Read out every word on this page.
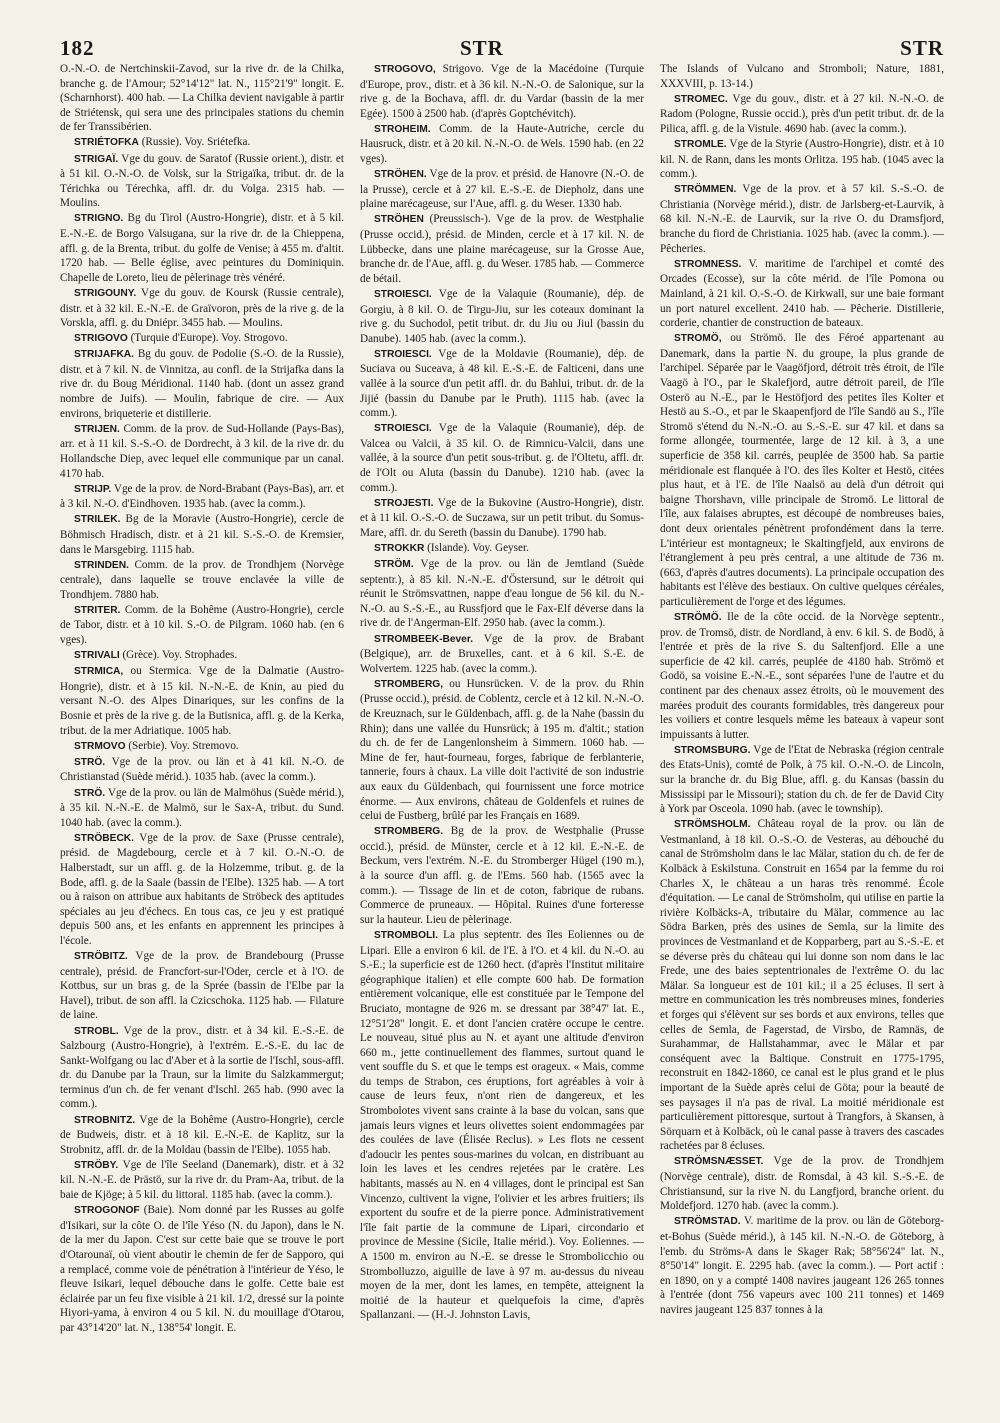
182	STR	STR

O.-N.-O. de Nertchinskii-Zavod, sur la rive dr. de la Chilka, branche g. de l'Amour; 52°14'12" lat. N., 115°21'9" longit. E. (Scharnhorst). 400 hab. — La Chilka devient navigable à partir de Striétensk, qui sera une des principales stations du chemin de fer Transsibérien.

STRIÉTOFKA (Russie). Voy. Sriétefka.

STRIGAÏ. Vge du gouv. de Saratof (Russie orient.), distr. et à 51 kil. O.-N.-O. de Volsk, sur la Strigaïka, tribut. dr. de la Térichka ou Térechka, affl. dr. du Volga. 2315 hab. — Moulins.

STRIGNO. Bg du Tirol (Austro-Hongrie), distr. et à 5 kil. E.-N.-E. de Borgo Valsugana, sur la rive dr. de la Chieppena, affl. g. de la Brenta, tribut. du golfe de Venise; à 455 m. d'altit. 1720 hab. — Belle église, avec peintures du Dominiquin. Chapelle de Loreto, lieu de pèlerinage très vénéré.

STRIGOUNY. Vge du gouv. de Koursk (Russie centrale), distr. et à 32 kil. E.-N.-E. de Graïvoron, près de la rive g. de la Vorskla, affl. g. du Dniépr. 3455 hab. — Moulins.

STRIGOVO (Turquie d'Europe). Voy. Strogovo.

STRIJAFKA. Bg du gouv. de Podolie (S.-O. de la Russie), distr. et à 7 kil. N. de Vinnitza, au confl. de la Strijafka dans la rive dr. du Boug Méridional. 1140 hab. (dont un assez grand nombre de Juifs). — Moulin, fabrique de cire. — Aux environs, briqueterie et distillerie.

STRIJEN. Comm. de la prov. de Sud-Hollande (Pays-Bas), arr. et à 11 kil. S.-S.-O. de Dordrecht, à 3 kil. de la rive dr. du Hollandsche Diep, avec lequel elle communique par un canal. 4170 hab.

STRIJP. Vge de la prov. de Nord-Brabant (Pays-Bas), arr. et à 3 kil. N.-O. d'Eindhoven. 1935 hab. (avec la comm.).

STRILEK. Bg de la Moravie (Austro-Hongrie), cercle de Böhmisch Hradisch, distr. et à 21 kil. S.-S.-O. de Kremsier, dans le Marsgebirg. 1115 hab.

STRINDEN. Comm. de la prov. de Trondhjem (Norvège centrale), dans laquelle se trouve enclavée la ville de Trondhjem. 7880 hab.

STRITER. Comm. de la Bohême (Austro-Hongrie), cercle de Tabor, distr. et à 10 kil. S.-O. de Pilgram. 1060 hab. (en 6 vges).

STRIVALI (Grèce). Voy. Strophades.

STRMICA, ou Stermica. Vge de la Dalmatie (Austro-Hongrie), distr. et à 15 kil. N.-N.-E. de Knin, au pied du versant N.-O. des Alpes Dinariques, sur les confins de la Bosnie et près de la rive g. de la Butisnica, affl. g. de la Kerka, tribut. de la mer Adriatique. 1005 hab.

STRMOVO (Serbie). Voy. Stremovo.

STRÖ. Vge de la prov. ou län et à 41 kil. N.-O. de Christianstad (Suède mérid.). 1035 hab. (avec la comm.).

STRÖ. Vge de la prov. ou län de Malmöhus (Suède mérid.), à 35 kil. N.-N.-E. de Malmö, sur le Sax-A, tribut. du Sund. 1040 hab. (avec la comm.).

STRÖBECK. Vge de la prov. de Saxe (Prusse centrale), présid. de Magdebourg, cercle et à 7 kil. O.-N.-O. de Halberstadt, sur un affl. g. de la Holzemme, tribut. g. de la Bode, affl. g. de la Saale (bassin de l'Elbe). 1325 hab. — A tort ou à raison on attribue aux habitants de Ströbeck des aptitudes spéciales au jeu d'échecs. En tous cas, ce jeu y est pratiqué depuis 500 ans, et les enfants en apprennent les principes à l'école.

STRÖBITZ. Vge de la prov. de Brandebourg (Prusse centrale), présid. de Francfort-sur-l'Oder, cercle et à l'O. de Kottbus, sur un bras g. de la Sprée (bassin de l'Elbe par la Havel), tribut. de son affl. la Czicschoka. 1125 hab. — Filature de laine.

STROBL. Vge de la prov., distr. et à 34 kil. E.-S.-E. de Salzbourg (Austro-Hongrie), à l'extrém. E.-S.-E. du lac de Sankt-Wolfgang ou lac d'Aber et à la sortie de l'Ischl, sous-affl. dr. du Danube par la Traun, sur la limite du Salzkammergut; terminus d'un ch. de fer venant d'Ischl. 265 hab. (990 avec la comm.).

STROBNITZ. Vge de la Bohême (Austro-Hongrie), cercle de Budweis, distr. et à 18 kil. E.-N.-E. de Kaplitz, sur la Strobnitz, affl. dr. de la Moldau (bassin de l'Elbe). 1055 hab.

STRÖBY. Vge de l'île Seeland (Danemark), distr. et à 32 kil. N.-N.-E. de Prästö, sur la rive dr. du Pram-Aa, tribut. de la baie de Kjöge; à 5 kil. du littoral. 1185 hab. (avec la comm.).

STROGONOF (Baie). Nom donné par les Russes au golfe d'Isikari, sur la côte O. de l'île Yéso (N. du Japon), dans le N. de la mer du Japon. C'est sur cette baie que se trouve le port d'Otarounaï, où vient aboutir le chemin de fer de Sapporo, qui a remplacé, comme voie de pénétration à l'intérieur de Yéso, le fleuve Isikari, lequel débouche dans le golfe. Cette baie est éclairée par un feu fixe visible à 21 kil. 1/2, dressé sur la pointe Hiyori-yama, à environ 4 ou 5 kil. N. du mouillage d'Otarou, par 43°14'20" lat. N., 138°54' longit. E.

STROGOVO, Strigovo. Vge de la Macédoine (Turquie d'Europe, prov., distr. et à 36 kil. N.-N.-O. de Salonique, sur la rive g. de la Bochava, affl. dr. du Vardar (bassin de la mer Egée). 1500 à 2500 hab. (d'après Goptchévitch).

STROHEIM. Comm. de la Haute-Autriche, cercle du Hausruck, distr. et à 20 kil. N.-N.-O. de Wels. 1590 hab. (en 22 vges).

STRÖHEN. Vge de la prov. et présid. de Hanovre (N.-O. de la Prusse), cercle et à 27 kil. E.-S.-E. de Diepholz, dans une plaine marécageuse, sur l'Aue, affl. g. du Weser. 1330 hab.

STRÖHEN (Preussisch-). Vge de la prov. de Westphalie (Prusse occid.), présid. de Minden, cercle et à 17 kil. N. de Lübbecke, dans une plaine marécageuse, sur la Grosse Aue, branche dr. de l'Aue, affl. g. du Weser. 1785 hab. — Commerce de bétail.

STROIESCI. Vge de la Valaquie (Roumanie), dép. de Gorgiu, à 8 kil. O. de Tirgu-Jiu, sur les coteaux dominant la rive g. du Suchodol, petit tribut. dr. du Jiu ou Jiul (bassin du Danube). 1405 hab. (avec la comm.).

STROIESCI. Vge de la Moldavie (Roumanie), dép. de Suciava ou Suceava, à 48 kil. E.-S.-E. de Falticeni, dans une vallée à la source d'un petit affl. dr. du Bahlui, tribut. dr. de la Jijié (bassin du Danube par le Pruth). 1115 hab. (avec la comm.).

STROIESCI. Vge de la Valaquie (Roumanie), dép. de Valcea ou Valcii, à 35 kil. O. de Rimnicu-Valcii, dans une vallée, à la source d'un petit sous-tribut. g. de l'Oltetu, affl. dr. de l'Olt ou Aluta (bassin du Danube). 1210 hab. (avec la comm.).

STROJESTI. Vge de la Bukovine (Austro-Hongrie), distr. et à 11 kil. O.-S.-O. de Suczawa, sur un petit tribut. du Somus-Mare, affl. dr. du Sereth (bassin du Danube). 1790 hab.

STROKKR (Islande). Voy. Geyser.

STRÖM. Vge de la prov. ou län de Jemtland (Suède septentr.), à 85 kil. N.-N.-E. d'Östersund, sur le détroit qui réunit le Strömsvattnen, nappe d'eau longue de 56 kil. du N.-N.-O. au S.-S.-E., au Russfjord que le Fax-Elf déverse dans la rive dr. de l'Angerman-Elf. 2950 hab. (avec la comm.).

STROMBEEK-Bever. Vge de la prov. de Brabant (Belgique), arr. de Bruxelles, cant. et à 6 kil. S.-E. de Wolvertem. 1225 hab. (avec la comm.).

STROMBERG, ou Hunsrücken. V. de la prov. du Rhin (Prusse occid.), présid. de Coblentz, cercle et à 12 kil. N.-N.-O. de Kreuznach, sur le Güldenbach, affl. g. de la Nahe (bassin du Rhin); dans une vallée du Hunsrück; à 195 m. d'altit.; station du ch. de fer de Langenlonsheim à Simmern. 1060 hab. — Mine de fer, haut-fourneau, forges, fabrique de ferblanterie, tannerie, fours à chaux. La ville doit l'activité de son industrie aux eaux du Güldenbach, qui fournissent une force motrice énorme. — Aux environs, château de Goldenfels et ruines de celui de Fustberg, brûlé par les Français en 1689.

STROMBERG. Bg de la prov. de Westphalie (Prusse occid.), présid. de Münster, cercle et à 12 kil. E.-N.-E. de Beckum, vers l'extrém. N.-E. du Stromberger Hügel (190 m.), à la source d'un affl. g. de l'Ems. 560 hab. (1565 avec la comm.). — Tissage de lin et de coton, fabrique de rubans. Commerce de pruneaux. — Hôpital. Ruines d'une forteresse sur la hauteur. Lieu de pèlerinage.

STROMBOLI. La plus septentr. des îles Eoliennes ou de Lipari. Elle a environ 6 kil. de l'E. à l'O. et 4 kil. du N.-O. au S.-E.; la superficie est de 1260 hect. (d'après l'Institut militaire géographique italien) et elle compte 600 hab. De formation entièrement volcanique, elle est constituée par le Tempone del Bruciato, montagne de 926 m. se dressant par 38°47' lat. E., 12°51'28" longit. E. et dont l'ancien cratère occupe le centre. Le nouveau, situé plus au N. et ayant une altitude d'environ 660 m., jette continuellement des flammes, surtout quand le vent souffle du S. et que le temps est orageux. « Mais, comme du temps de Strabon, ces éruptions, fort agréables à voir à cause de leurs feux, n'ont rien de dangereux, et les Strombolotes vivent sans crainte à la base du volcan, sans que jamais leurs vignes et leurs olivettes soient endommagées par des coulées de lave (Élisée Reclus). » Les flots ne cessent d'adoucir les pentes sous-marines du volcan, en distribuant au loin les laves et les cendres rejetées par le cratère. Les habitants, massés au N. en 4 villages, dont le principal est San Vincenzo, cultivent la vigne, l'olivier et les arbres fruitiers; ils exportent du soufre et de la pierre ponce. Administrativement l'île fait partie de la commune de Lipari, circondario et province de Messine (Sicile, Italie mérid.). Voy. Eoliennes. — A 1500 m. environ au N.-E. se dresse le Strombolicchio ou Strombolluzzo, aiguille de lave à 97 m. au-dessus du niveau moyen de la mer, dont les lames, en tempête, atteignent la moitié de la hauteur et quelquefois la cime, d'après Spallanzani. — (H.-J. Johnston Lavis,

The Islands of Vulcano and Stromboli; Nature, 1881, XXXVIII, p. 13-14.)

STROMEC. Vge du gouv., distr. et à 27 kil. N.-N.-O. de Radom (Pologne, Russie occid.), près d'un petit tribut. dr. de la Pilica, affl. g. de la Vistule. 4690 hab. (avec la comm.).

STROMLE. Vge de la Styrie (Austro-Hongrie), distr. et à 10 kil. N. de Rann, dans les monts Orlitza. 195 hab. (1045 avec la comm.).

STRÖMMEN. Vge de la prov. et à 57 kil. S.-S.-O. de Christiania (Norvège mérid.), distr. de Jarlsberg-et-Laurvik, à 68 kil. N.-N.-E. de Laurvik, sur la rive O. du Dramsfjord, branche du fiord de Christiania. 1025 hab. (avec la comm.). — Pêcheries.

STROMNESS. V. maritime de l'archipel et comté des Orcades (Ecosse), sur la côte mérid. de l'île Pomona ou Mainland, à 21 kil. O.-S.-O. de Kirkwall, sur une baie formant un port naturel excellent. 2410 hab. — Pêcherie. Distillerie, corderie, chantier de construction de bateaux.

STROMÖ, ou Strömö. Ile des Féroé appartenant au Danemark, dans la partie N. du groupe, la plus grande de l'archipel. Séparée par le Vaagöfjord, détroit très étroit, de l'île Vaagö à l'O., par le Skalefjord, autre détroit pareil, de l'île Osterö au N.-E., par le Hestöfjord des petites îles Kolter et Hestö au S.-O., et par le Skaapenfjord de l'île Sandö au S., l'île Stromö s'étend du N.-N.-O. au S.-S.-E. sur 47 kil. et dans sa forme allongée, tourmentée, large de 12 kil. à 3, a une superficie de 358 kil. carrés, peuplée de 3500 hab. Sa partie méridionale est flanquée à l'O. des îles Kolter et Hestö, citées plus haut, et à l'E. de l'île Naalsö au delà d'un détroit qui baigne Thorshavn, ville principale de Stromö. Le littoral de l'île, aux falaises abruptes, est découpé de nombreuses baies, dont deux orientales pénètrent profondément dans la terre. L'intérieur est montagneux; le Skaltingfjeld, aux environs de l'étranglement à peu près central, a une altitude de 736 m. (663, d'après d'autres documents). La principale occupation des habitants est l'élève des bestiaux. On cultive quelques céréales, particulièrement de l'orge et des légumes.

STRÖMÖ. Ile de la côte occid. de la Norvège septentr., prov. de Tromsö, distr. de Nordland, à env. 6 kil. S. de Bodö, à l'entrée et près de la rive S. du Saltenfjord. Elle a une superficie de 42 kil. carrés, peuplée de 4180 hab. Strömö et Godö, sa voisine E.-N.-E., sont séparées l'une de l'autre et du continent par des chenaux assez étroits, où le mouvement des marées produit des courants formidables, très dangereux pour les voiliers et contre lesquels même les bateaux à vapeur sont impuissants à lutter.

STROMSBURG. Vge de l'Etat de Nebraska (région centrale des Etats-Unis), comté de Polk, à 75 kil. O.-N.-O. de Lincoln, sur la branche dr. du Big Blue, affl. g. du Kansas (bassin du Mississipi par le Missouri); station du ch. de fer de David City à York par Osceola. 1090 hab. (avec le township).

STRÖMSHOLM. Château royal de la prov. ou län de Vestmanland, à 18 kil. O.-S.-O. de Vesteras, au débouché du canal de Strömsholm dans le lac Mälar, station du ch. de fer de Kolbäck à Eskilstuna. Construit en 1654 par la femme du roi Charles X, le château a un haras très renommé. École d'équitation. — Le canal de Strömsholm, qui utilise en partie la rivière Kolbäcks-A, tributaire du Mälar, commence au lac Södra Barken, près des usines de Semla, sur la limite des provinces de Vestmanland et de Kopparberg, part au S.-S.-E. et se déverse près du château qui lui donne son nom dans le lac Frede, une des baies septentrionales de l'extrême O. du lac Mälar. Sa longueur est de 101 kil.; il a 25 écluses. Il sert à mettre en communication les très nombreuses mines, fonderies et forges qui s'élèvent sur ses bords et aux environs, telles que celles de Semla, de Fagerstad, de Virsbo, de Ramnäs, de Surahammar, de Hallstahammar, avec le Mälar et par conséquent avec la Baltique. Construit en 1775-1795, reconstruit en 1842-1860, ce canal est le plus grand et le plus important de la Suède après celui de Göta; pour la beauté de ses paysages il n'a pas de rival. La moitié méridionale est particulièrement pittoresque, surtout à Trangfors, à Skansen, à Sörquarn et à Kolbäck, où le canal passe à travers des cascades rachetées par 8 écluses.

STRÖMSNÆSSET. Vge de la prov. de Trondhjem (Norvège centrale), distr. de Romsdal, à 43 kil. S.-S.-E. de Christiansund, sur la rive N. du Langfjord, branche orient. du Moldefjord. 1270 hab. (avec la comm.).

STRÖMSTAD. V. maritime de la prov. ou län de Göteborg-et-Bohus (Suède mérid.), à 145 kil. N.-N.-O. de Göteborg, à l'emb. du Ströms-A dans le Skager Rak; 58°56'24" lat. N., 8°50'14" longit. E. 2295 hab. (avec la comm.). — Port actif : en 1890, on y a compté 1408 navires jaugeant 126 265 tonnes à l'entrée (dont 756 vapeurs avec 100 211 tonnes) et 1469 navires jaugeant 125 837 tonnes à la
